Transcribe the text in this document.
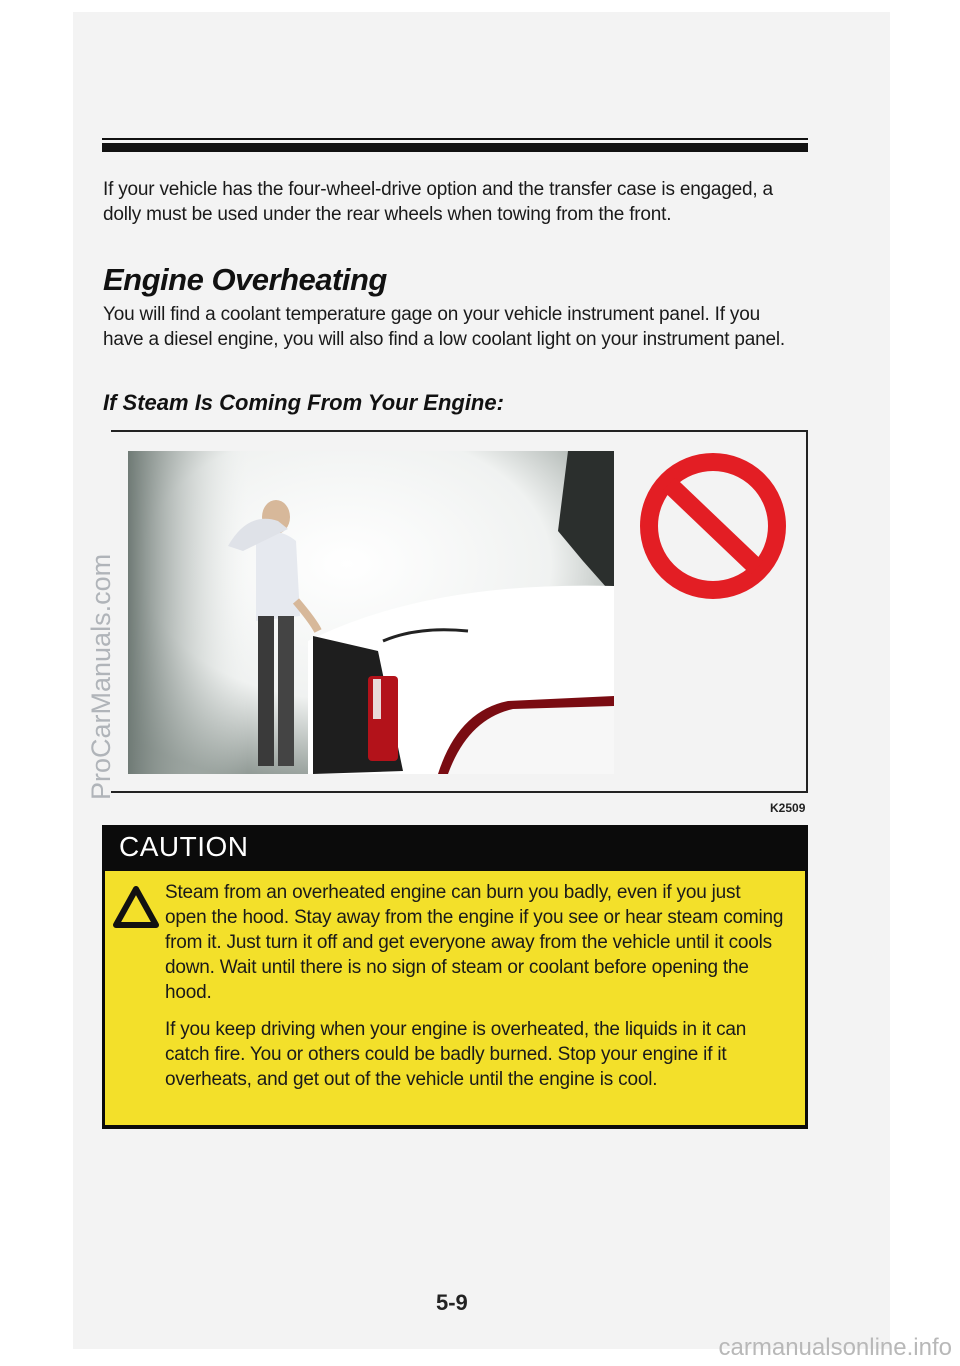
If your vehicle has the four-wheel-drive option and the transfer case is engaged, a dolly must be used under the rear wheels when towing from the front.
Engine Overheating
You will find a coolant temperature gage on your vehicle instrument panel. If you have a diesel engine, you will also find a low coolant light on your instrument panel.
If Steam Is Coming From Your Engine:
K2509
CAUTION
Steam from an overheated engine can burn you badly, even if you just open the hood. Stay away from the engine if you see or hear steam coming from it. Just turn it off and get everyone away from the vehicle until it cools down. Wait until there is no sign of steam or coolant before opening the hood.
If you keep driving when your engine is overheated, the liquids in it can catch fire. You or others could be badly burned. Stop your engine if it overheats, and get out of the vehicle until the engine is cool.
5-9
ProCarManuals.com
carmanualsonline.info
